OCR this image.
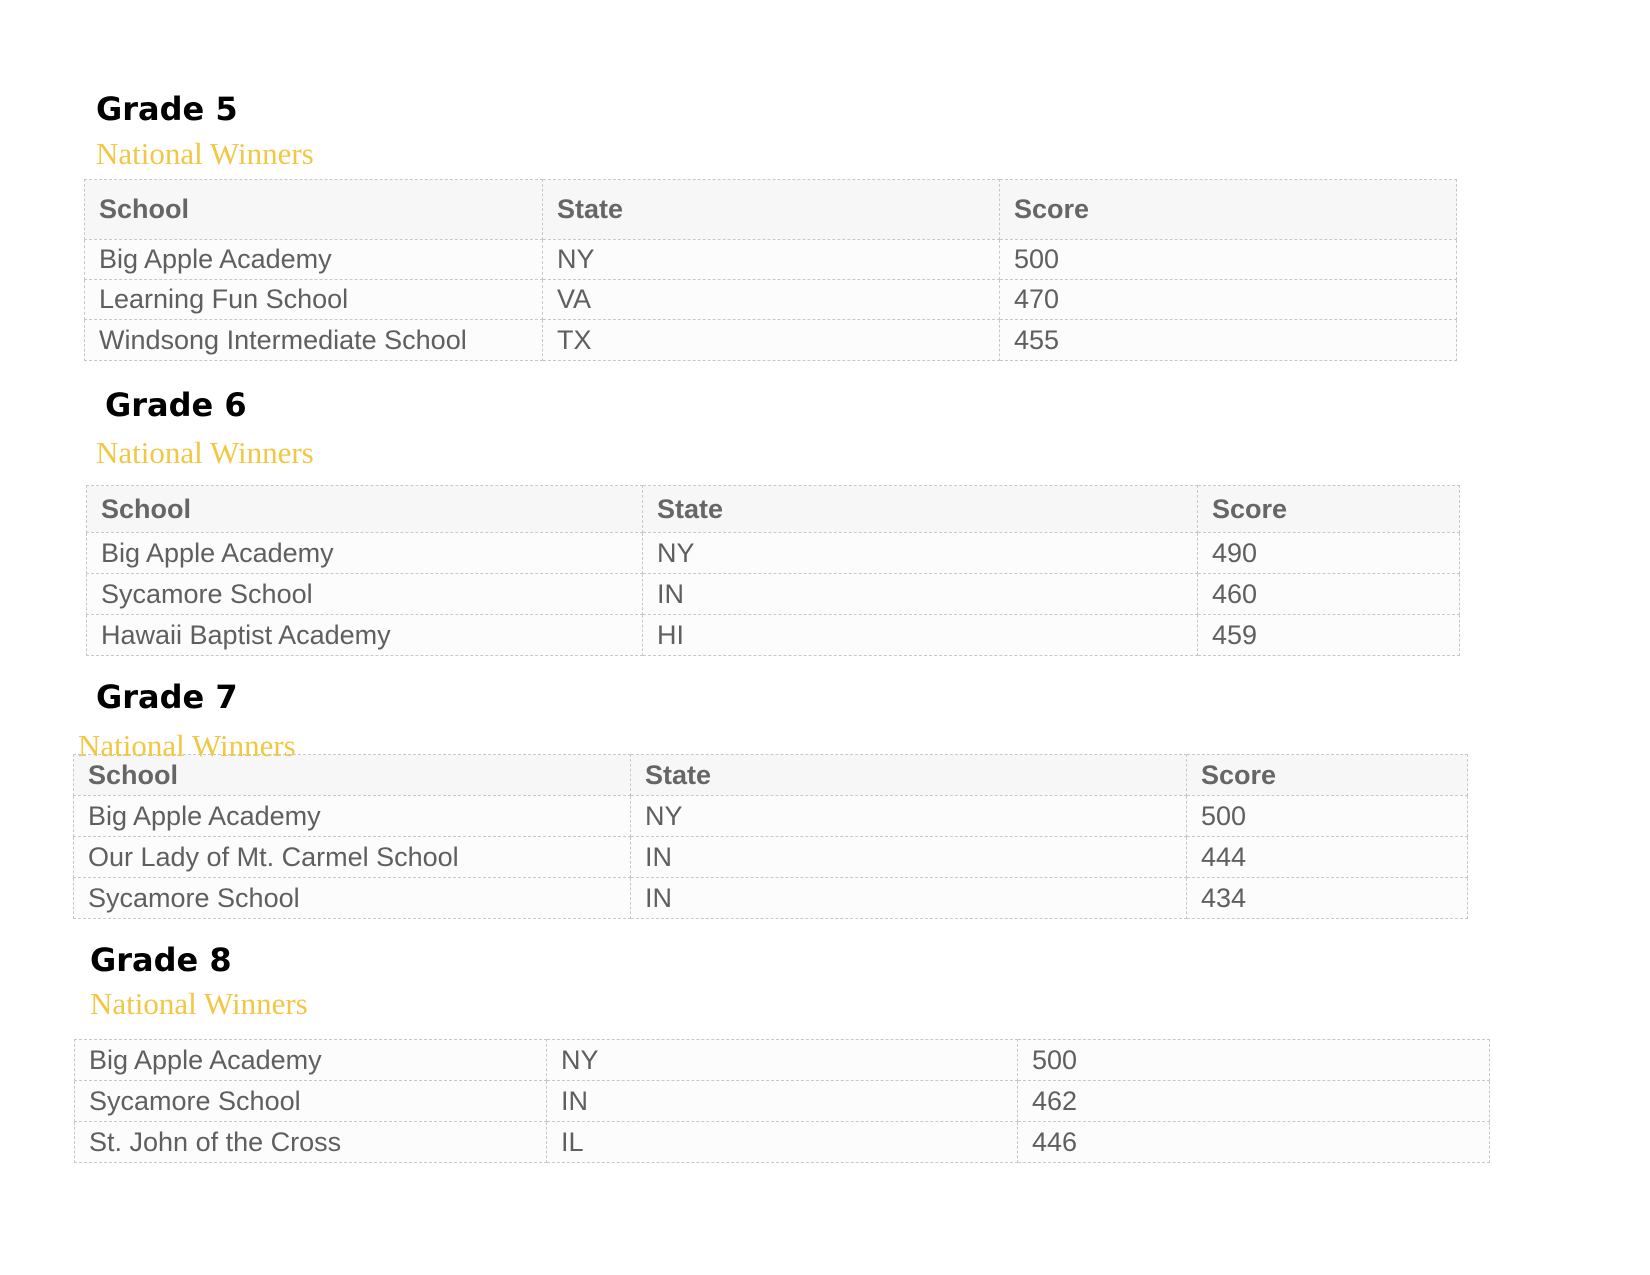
Grade 5
National Winners
School	State	Score
Big Apple Academy	NY	500
Learning Fun School	VA	470
Windsong Intermediate School	TX	455
Grade 6
National Winners
School	State	Score
Big Apple Academy	NY	490
Sycamore School	IN	460
Hawaii Baptist Academy	HI	459
Grade 7
School	State	Score
Big Apple Academy	NY	500
Our Lady of Mt. Carmel School	IN	444
Sycamore School	IN	434
National Winners
Grade 8
National Winners
Big Apple Academy	NY	500
Sycamore School	IN	462
St. John of the Cross	IL	446
